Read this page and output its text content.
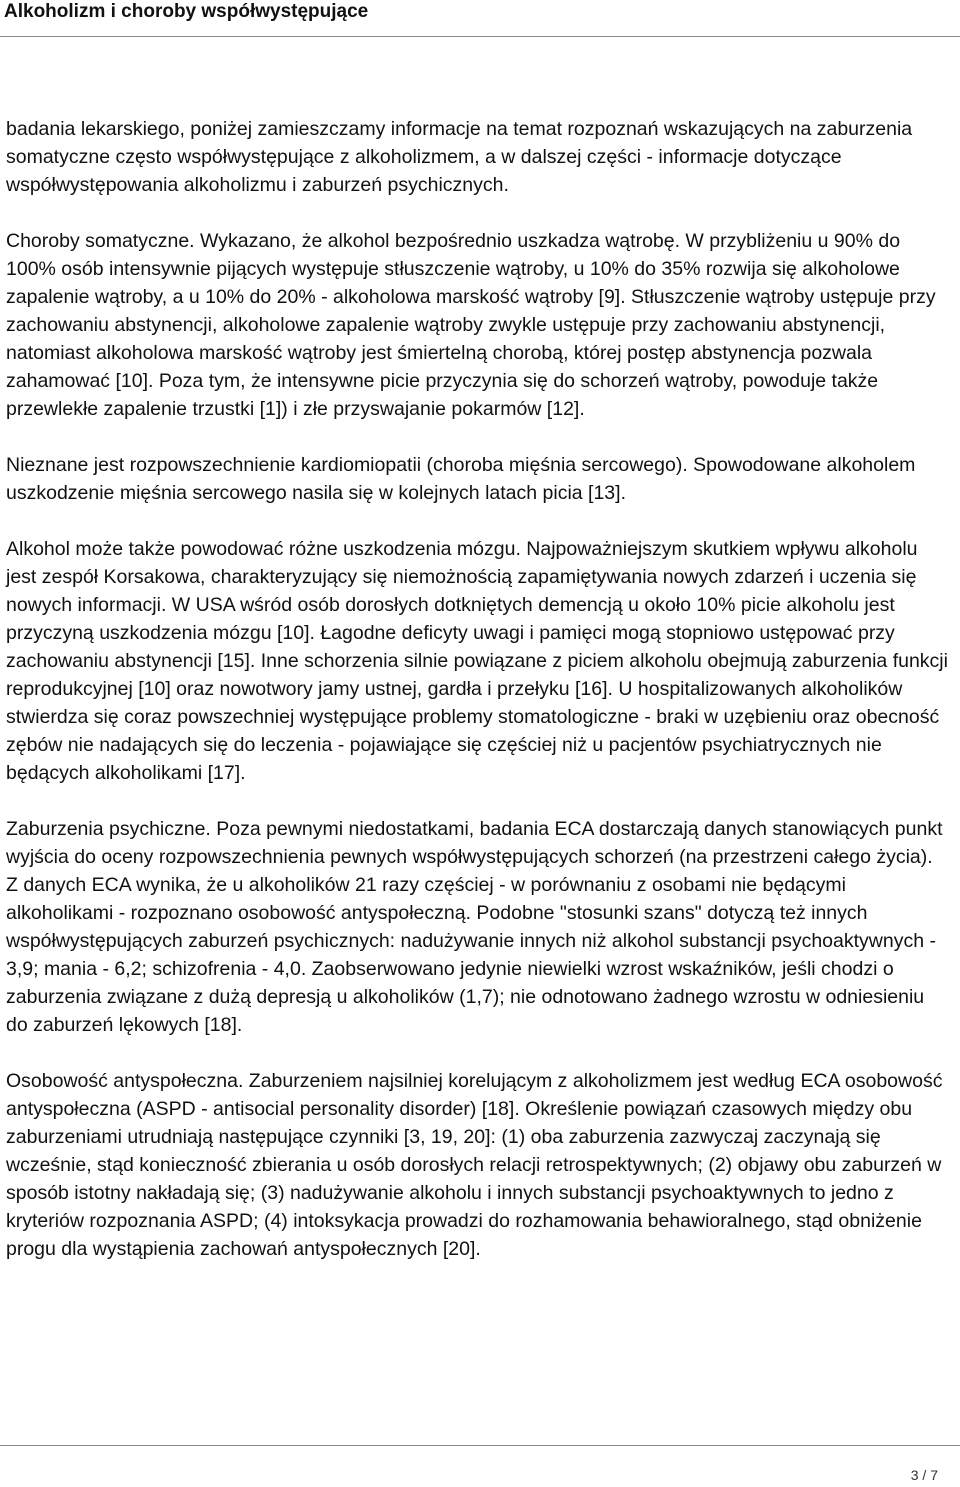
Alkoholizm i choroby współwystępujące

badania lekarskiego, poniżej zamieszczamy informacje na temat rozpoznań wskazujących na zaburzenia somatyczne często współwystępujące z alkoholizmem, a w dalszej części - informacje dotyczące współwystępowania alkoholizmu i zaburzeń psychicznych.

Choroby somatyczne. Wykazano, że alkohol bezpośrednio uszkadza wątrobę. W przybliżeniu u 90% do 100% osób intensywnie pijących występuje stłuszczenie wątroby, u 10% do 35% rozwija się alkoholowe zapalenie wątroby, a u 10% do 20% - alkoholowa marskość wątroby [9]. Stłuszczenie wątroby ustępuje przy zachowaniu abstynencji, alkoholowe zapalenie wątroby zwykle ustępuje przy zachowaniu abstynencji, natomiast alkoholowa marskość wątroby jest śmiertelną chorobą, której postęp abstynencja pozwala zahamować [10]. Poza tym, że intensywne picie przyczynia się do schorzeń wątroby, powoduje także przewlekłe zapalenie trzustki [1]) i złe przyswajanie pokarmów [12].

Nieznane jest rozpowszechnienie kardiomiopatii (choroba mięśnia sercowego). Spowodowane alkoholem uszkodzenie mięśnia sercowego nasila się w kolejnych latach picia [13].

Alkohol może także powodować różne uszkodzenia mózgu. Najpoważniejszym skutkiem wpływu alkoholu jest zespół Korsakowa, charakteryzujący się niemożnością zapamiętywania nowych zdarzeń i uczenia się nowych informacji. W USA wśród osób dorosłych dotkniętych demencją u około 10% picie alkoholu jest przyczyną uszkodzenia mózgu [10]. Łagodne deficyty uwagi i pamięci mogą stopniowo ustępować przy zachowaniu abstynencji [15]. Inne schorzenia silnie powiązane z piciem alkoholu obejmują zaburzenia funkcji reprodukcyjnej [10] oraz nowotwory jamy ustnej, gardła i przełyku [16]. U hospitalizowanych alkoholików stwierdza się coraz powszechniej występujące problemy stomatologiczne - braki w uzębieniu oraz obecność zębów nie nadających się do leczenia - pojawiające się częściej niż u pacjentów psychiatrycznych nie będących alkoholikami [17].

Zaburzenia psychiczne. Poza pewnymi niedostatkami, badania ECA dostarczają danych stanowiących punkt wyjścia do oceny rozpowszechnienia pewnych współwystępujących schorzeń (na przestrzeni całego życia). Z danych ECA wynika, że u alkoholików 21 razy częściej - w porównaniu z osobami nie będącymi alkoholikami - rozpoznano osobowość antyspołeczną. Podobne "stosunki szans" dotyczą też innych współwystępujących zaburzeń psychicznych: nadużywanie innych niż alkohol substancji psychoaktywnych - 3,9; mania - 6,2; schizofrenia - 4,0. Zaobserwowano jedynie niewielki wzrost wskaźników, jeśli chodzi o zaburzenia związane z dużą depresją u alkoholików (1,7); nie odnotowano żadnego wzrostu w odniesieniu do zaburzeń lękowych [18].

Osobowość antyspołeczna. Zaburzeniem najsilniej korelującym z alkoholizmem jest według ECA osobowość antyspołeczna (ASPD - antisocial personality disorder) [18]. Określenie powiązań czasowych między obu zaburzeniami utrudniają następujące czynniki [3, 19, 20]: (1) oba zaburzenia zazwyczaj zaczynają się wcześnie, stąd konieczność zbierania u osób dorosłych relacji retrospektywnych; (2) objawy obu zaburzeń w sposób istotny nakładają się; (3) nadużywanie alkoholu i innych substancji psychoaktywnych to jedno z kryteriów rozpoznania ASPD; (4) intoksykacja prowadzi do rozhamowania behawioralnego, stąd obniżenie progu dla wystąpienia zachowań antyspołecznych [20].

3 / 7
